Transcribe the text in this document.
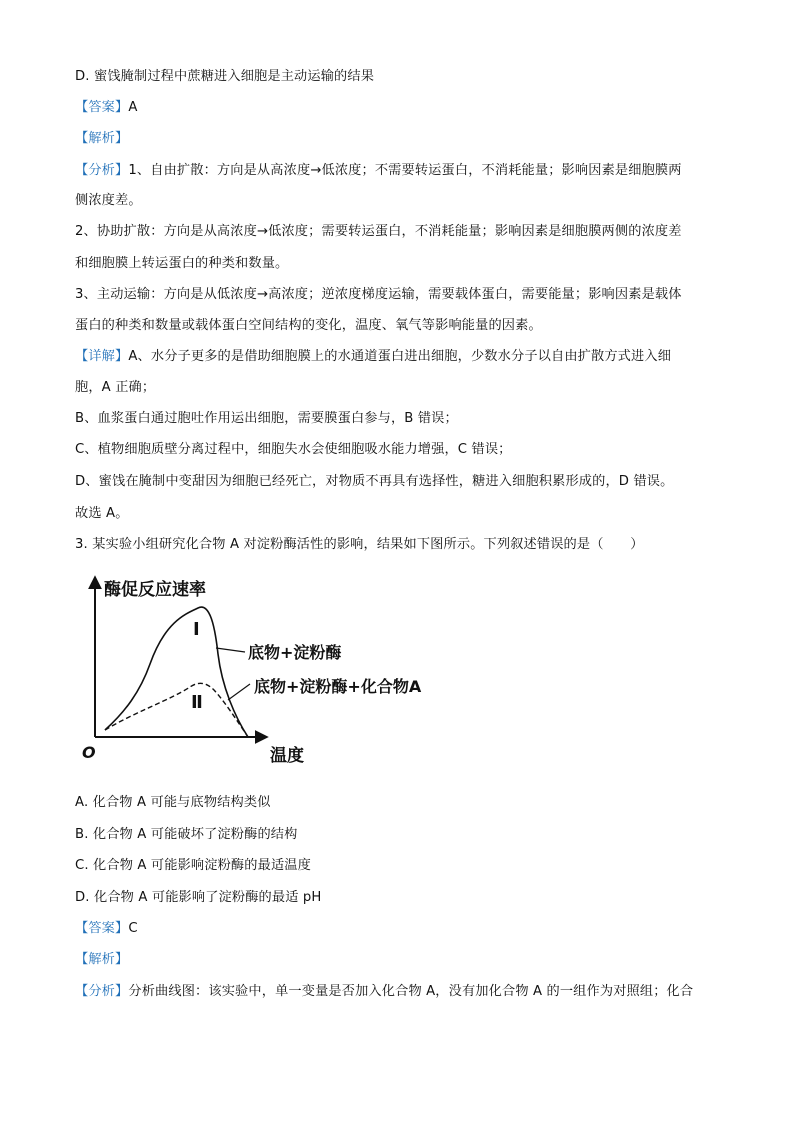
D. 蜜饯腌制过程中蔗糖进入细胞是主动运输的结果
【答案】A
【解析】
【分析】1、自由扩散：方向是从高浓度→低浓度；不需要转运蛋白，不消耗能量；影响因素是细胞膜两
侧浓度差。
2、协助扩散：方向是从高浓度→低浓度；需要转运蛋白，不消耗能量；影响因素是细胞膜两侧的浓度差
和细胞膜上转运蛋白的种类和数量。
3、主动运输：方向是从低浓度→高浓度；逆浓度梯度运输，需要载体蛋白，需要能量；影响因素是载体
蛋白的种类和数量或载体蛋白空间结构的变化，温度、氧气等影响能量的因素。
【详解】A、水分子更多的是借助细胞膜上的水通道蛋白进出细胞，少数水分子以自由扩散方式进入细
胞，A 正确；
B、血浆蛋白通过胞吐作用运出细胞，需要膜蛋白参与，B 错误；
C、植物细胞质壁分离过程中，细胞失水会使细胞吸水能力增强，C 错误；
D、蜜饯在腌制中变甜因为细胞已经死亡，对物质不再具有选择性，糖进入细胞积累形成的，D 错误。
故选 A。
3. 某实验小组研究化合物 A 对淀粉酶活性的影响，结果如下图所示。下列叙述错误的是（　　）
酶促反应速率
温度
O
Ⅰ
Ⅱ
底物+淀粉酶
底物+淀粉酶+化合物A
A. 化合物 A 可能与底物结构类似
B. 化合物 A 可能破坏了淀粉酶的结构
C. 化合物 A 可能影响淀粉酶的最适温度
D. 化合物 A 可能影响了淀粉酶的最适 pH
【答案】C
【解析】
【分析】分析曲线图：该实验中，单一变量是否加入化合物 A，没有加化合物 A 的一组作为对照组；化合
